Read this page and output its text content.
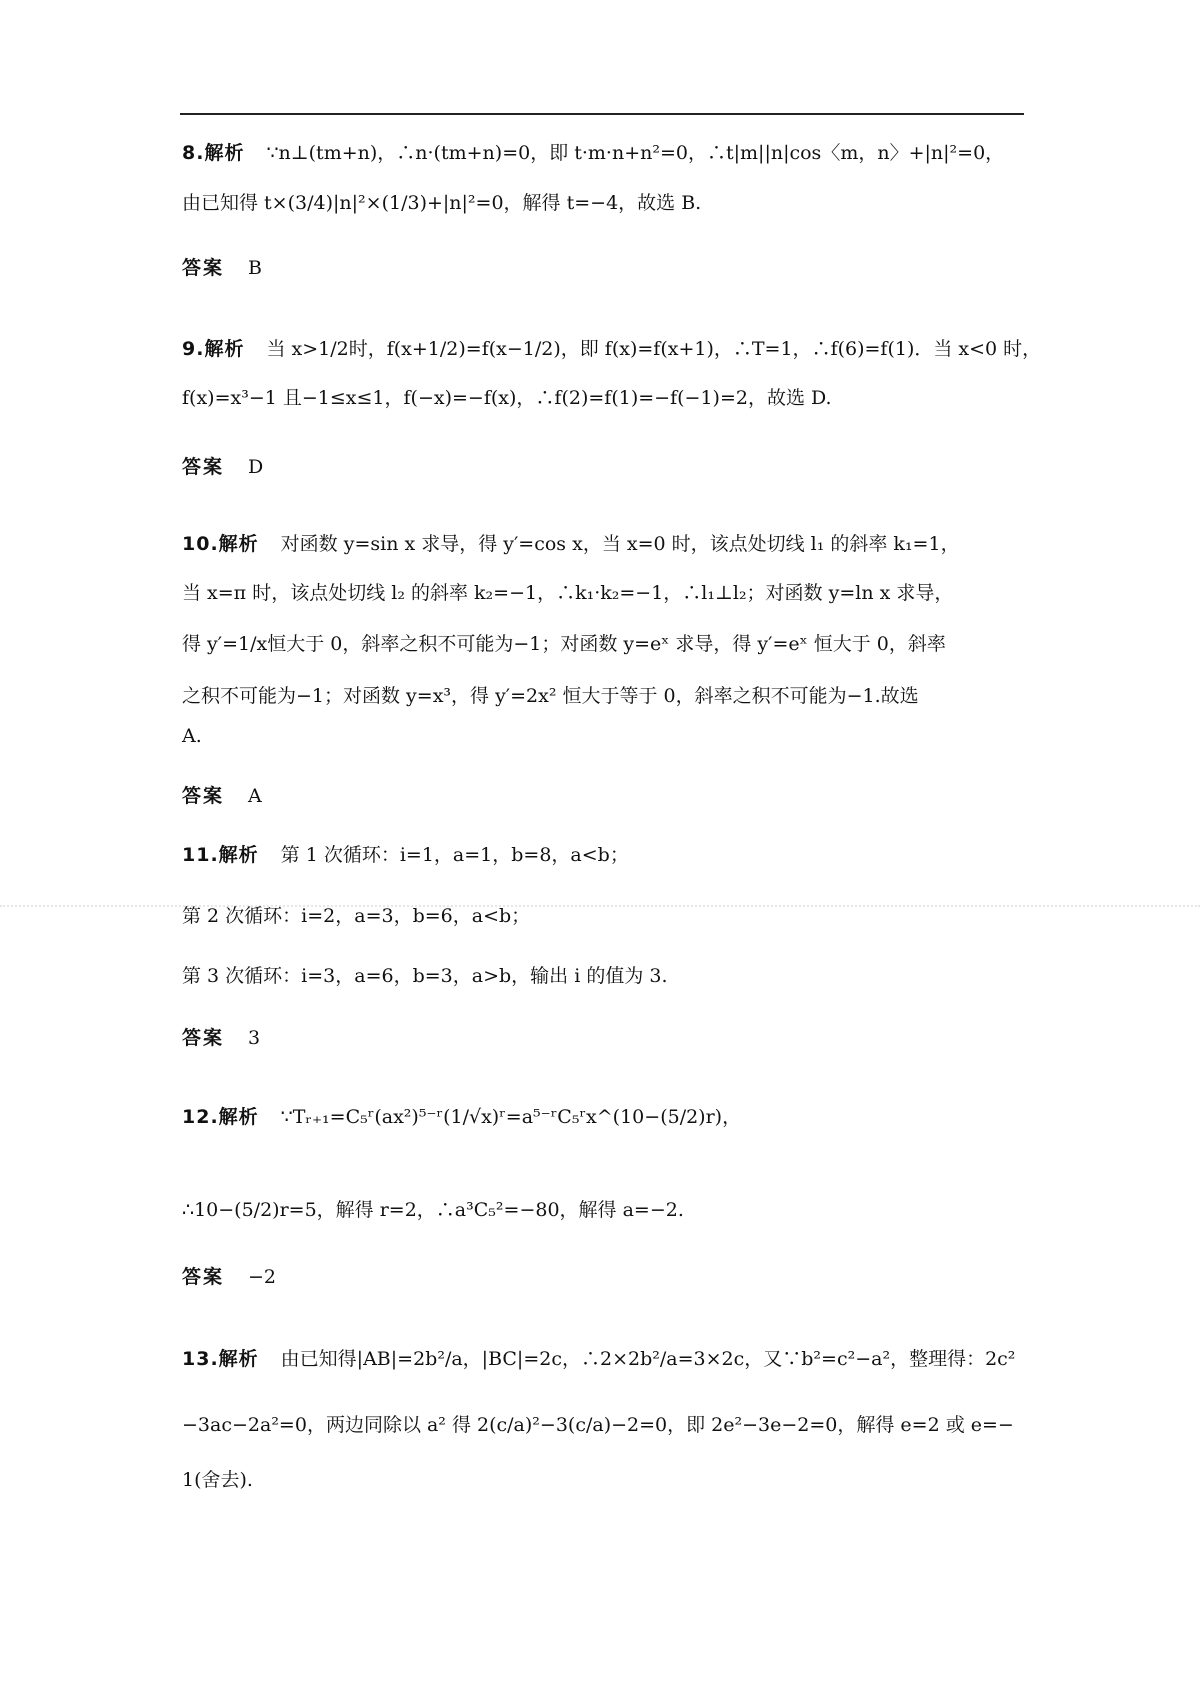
8.解析 ∵n⊥(tm+n)，∴n·(tm+n)=0，即 t·m·n+n²=0，∴t|m||n|cos〈m，n〉+|n|²=0，
由已知得 t×(3/4)|n|²×(1/3)+|n|²=0，解得 t=−4，故选 B.
答案 B
9.解析 当 x>1/2时，f(x+1/2)=f(x−1/2)，即 f(x)=f(x+1)，∴T=1，∴f(6)=f(1)．当 x<0 时，
f(x)=x³−1 且−1≤x≤1，f(−x)=−f(x)，∴f(2)=f(1)=−f(−1)=2，故选 D.
答案 D
10.解析 对函数 y=sin x 求导，得 y′=cos x，当 x=0 时，该点处切线 l₁ 的斜率 k₁=1，
当 x=π 时，该点处切线 l₂ 的斜率 k₂=−1，∴k₁·k₂=−1，∴l₁⊥l₂；对函数 y=ln x 求导，
得 y′=1/x恒大于 0，斜率之积不可能为−1；对函数 y=eˣ 求导，得 y′=eˣ 恒大于 0，斜率
之积不可能为−1；对函数 y=x³，得 y′=2x² 恒大于等于 0，斜率之积不可能为−1.故选
A.
答案 A
11.解析 第 1 次循环：i=1，a=1，b=8，a<b；
第 2 次循环：i=2，a=3，b=6，a<b；
第 3 次循环：i=3，a=6，b=3，a>b，输出 i 的值为 3.
答案 3
12.解析 ∵Tᵣ₊₁=C₅ʳ(ax²)⁵⁻ʳ(1/√x)ʳ=a⁵⁻ʳC₅ʳx^(10−(5/2)r)，
∴10−(5/2)r=5，解得 r=2，∴a³C₅²=−80，解得 a=−2.
答案 −2
13.解析 由已知得|AB|=2b²/a，|BC|=2c，∴2×2b²/a=3×2c，又∵b²=c²−a²，整理得：2c²
−3ac−2a²=0，两边同除以 a² 得 2(c/a)²−3(c/a)−2=0，即 2e²−3e−2=0，解得 e=2 或 e=−
1(舍去).
